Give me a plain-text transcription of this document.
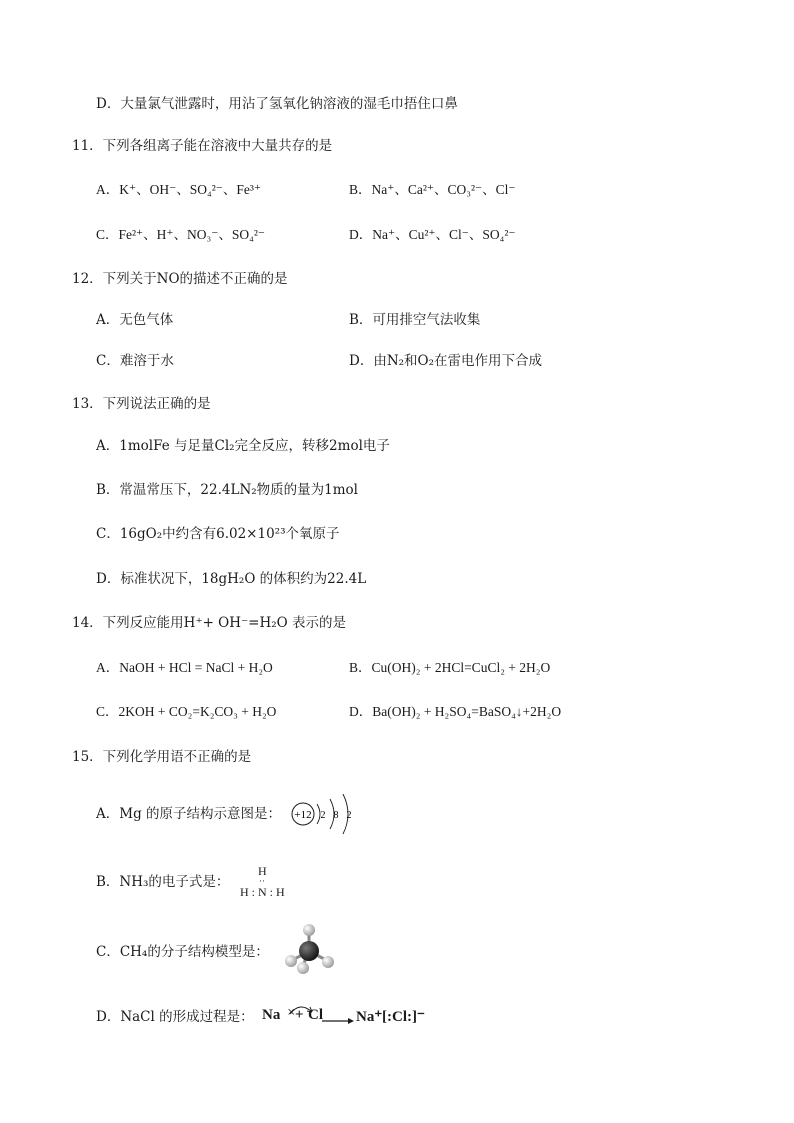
D．大量氯气泄露时，用沾了氢氧化钠溶液的湿毛巾捂住口鼻
11．下列各组离子能在溶液中大量共存的是
A．K⁺、OH⁻、SO₄²⁻、Fe³⁺	B．Na⁺、Ca²⁺、CO₃²⁻、Cl⁻
C．Fe²⁺、H⁺、NO₃⁻、SO₄²⁻	D．Na⁺、Cu²⁺、Cl⁻、SO₄²⁻
12．下列关于NO的描述不正确的是
A．无色气体	B．可用排空气法收集
C．难溶于水	D．由N₂和O₂在雷电作用下合成
13．下列说法正确的是
A．1molFe 与足量Cl₂完全反应，转移2mol电子
B．常温常压下，22.4LN₂物质的量为1mol
C．16gO₂中约含有6.02×10²³个氧原子
D．标准状况下，18gH₂O 的体积约为22.4L
14．下列反应能用H⁺+ OH⁻=H₂O 表示的是
A．NaOH + HCl = NaCl + H₂O	B．Cu(OH)₂ + 2HCl=CuCl₂ + 2H₂O
C．2KOH + CO₂=K₂CO₃ + H₂O	D．Ba(OH)₂ + H₂SO₄=BaSO₄↓+2H₂O
15．下列化学用语不正确的是
A．Mg 的原子结构示意图是： +12 2 8 2
B．NH₃的电子式是：
H
··
H : N : H
C．CH₄的分子结构模型是：
D．NaCl 的形成过程是： Na × + Cl → Na⁺ [:Cl:]⁻
